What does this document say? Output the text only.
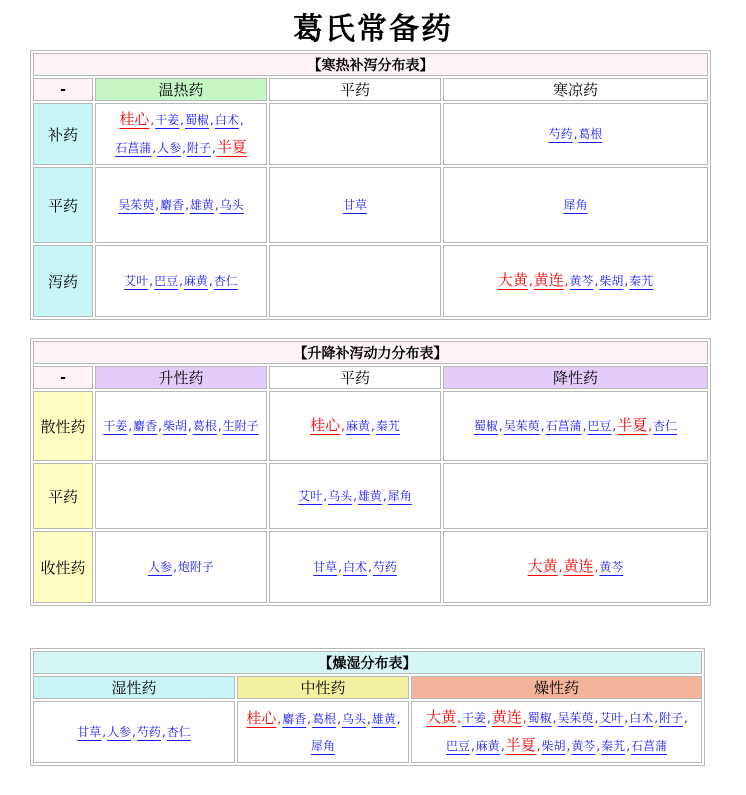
葛氏常备药
【寒热补泻分布表】			
-	温热药	平药	寒凉药
补药	桂心,干姜,蜀椒,白术,石菖蒲,人参,附子,半夏		芍药,葛根

平药	吴茱萸,麝香,雄黄,乌头	甘草	犀角

泻药	艾叶,巴豆,麻黄,杏仁		大黄,黄连,黄芩,柴胡,秦艽
【升降补泻动力分布表】			
-	升性药	平药	降性药
散性药	干姜,麝香,柴胡,葛根,生附子	桂心,麻黄,秦艽	蜀椒,吴茱萸,石菖蒲,巴豆,半夏,杏仁

平药		艾叶,乌头,雄黄,犀角	

收性药	人参,炮附子	甘草,白术,芍药	大黄,黄连,黄芩
【燥湿分布表】		
湿性药	中性药	燥性药

甘草,人参,芍药,杏仁	桂心,麝香,葛根,乌头,雄黄,犀角	大黄,干姜,黄连,蜀椒,吴茱萸,艾叶,白术,附子,巴豆,麻黄,半夏,柴胡,黄芩,秦艽,石菖蒲
